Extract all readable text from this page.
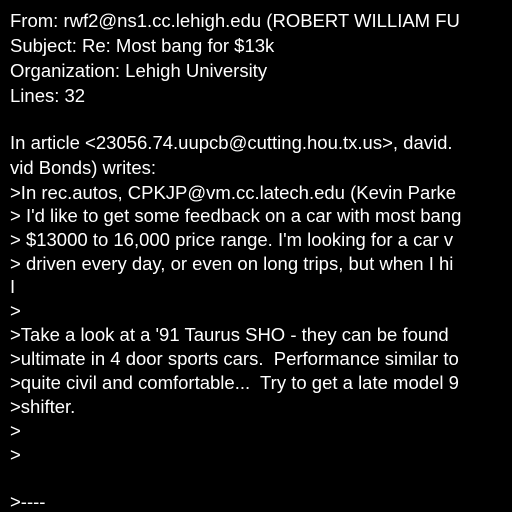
From: rwf2@ns1.cc.lehigh.edu (ROBERT WILLIAM FU
Subject: Re: Most bang for $13k
Organization: Lehigh University
Lines: 32
In article <23056.74.uupcb@cutting.hou.tx.us>, david.
vid Bonds) writes:
>In rec.autos, CPKJP@vm.cc.latech.edu (Kevin Parke
> I'd like to get some feedback on a car with most bang
> $13000 to 16,000 price range. I'm looking for a car v
> driven every day, or even on long trips, but when I hi
I
>
>Take a look at a '91 Taurus SHO - they can be found
>ultimate in 4 door sports cars.  Performance similar to
>quite civil and comfortable...  Try to get a late model 9
>shifter.
>
>
>----
